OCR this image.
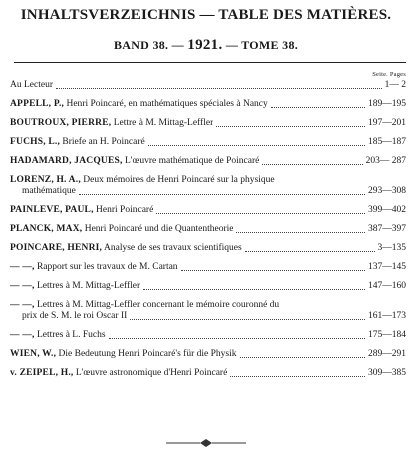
INHALTSVERZEICHNIS — TABLE DES MATIÈRES.
BAND 38. — 1921. — TOME 38.
Seite. Pages
Au Lecteur	1— 2
APPELL, P., Henri Poincaré, en mathématiques spéciales à Nancy	189—195
BOUTROUX, PIERRE, Lettre à M. Mittag-Leffler	197—201
FUCHS, L., Briefe an H. Poincaré	185—187
HADAMARD, JACQUES, L'œuvre mathématique de Poincaré	203— 287
LORENZ, H. A., Deux mémoires de Henri Poincaré sur la physique
mathématique	293—308
PAINLEVÉ, PAUL, Henri Poincaré	399—402
PLANCK, MAX, Henri Poincaré und die Quantentheorie	387—397
POINCARÉ, HENRI, Analyse de ses travaux scientifiques	3—135
— —, Rapport sur les travaux de M. Cartan	137—145
— —, Lettres à M. Mittag-Leffler	147—160
— —, Lettres à M. Mittag-Leffler concernant le mémoire couronné du
prix de S. M. le roi Oscar II	161—173
— —, Lettres à L. Fuchs	175—184
WIEN, W., Die Bedeutung Henri Poincaré's für die Physik	289—291
v. ZEIPEL, H., L'œuvre astronomique d'Henri Poincaré	309—385
